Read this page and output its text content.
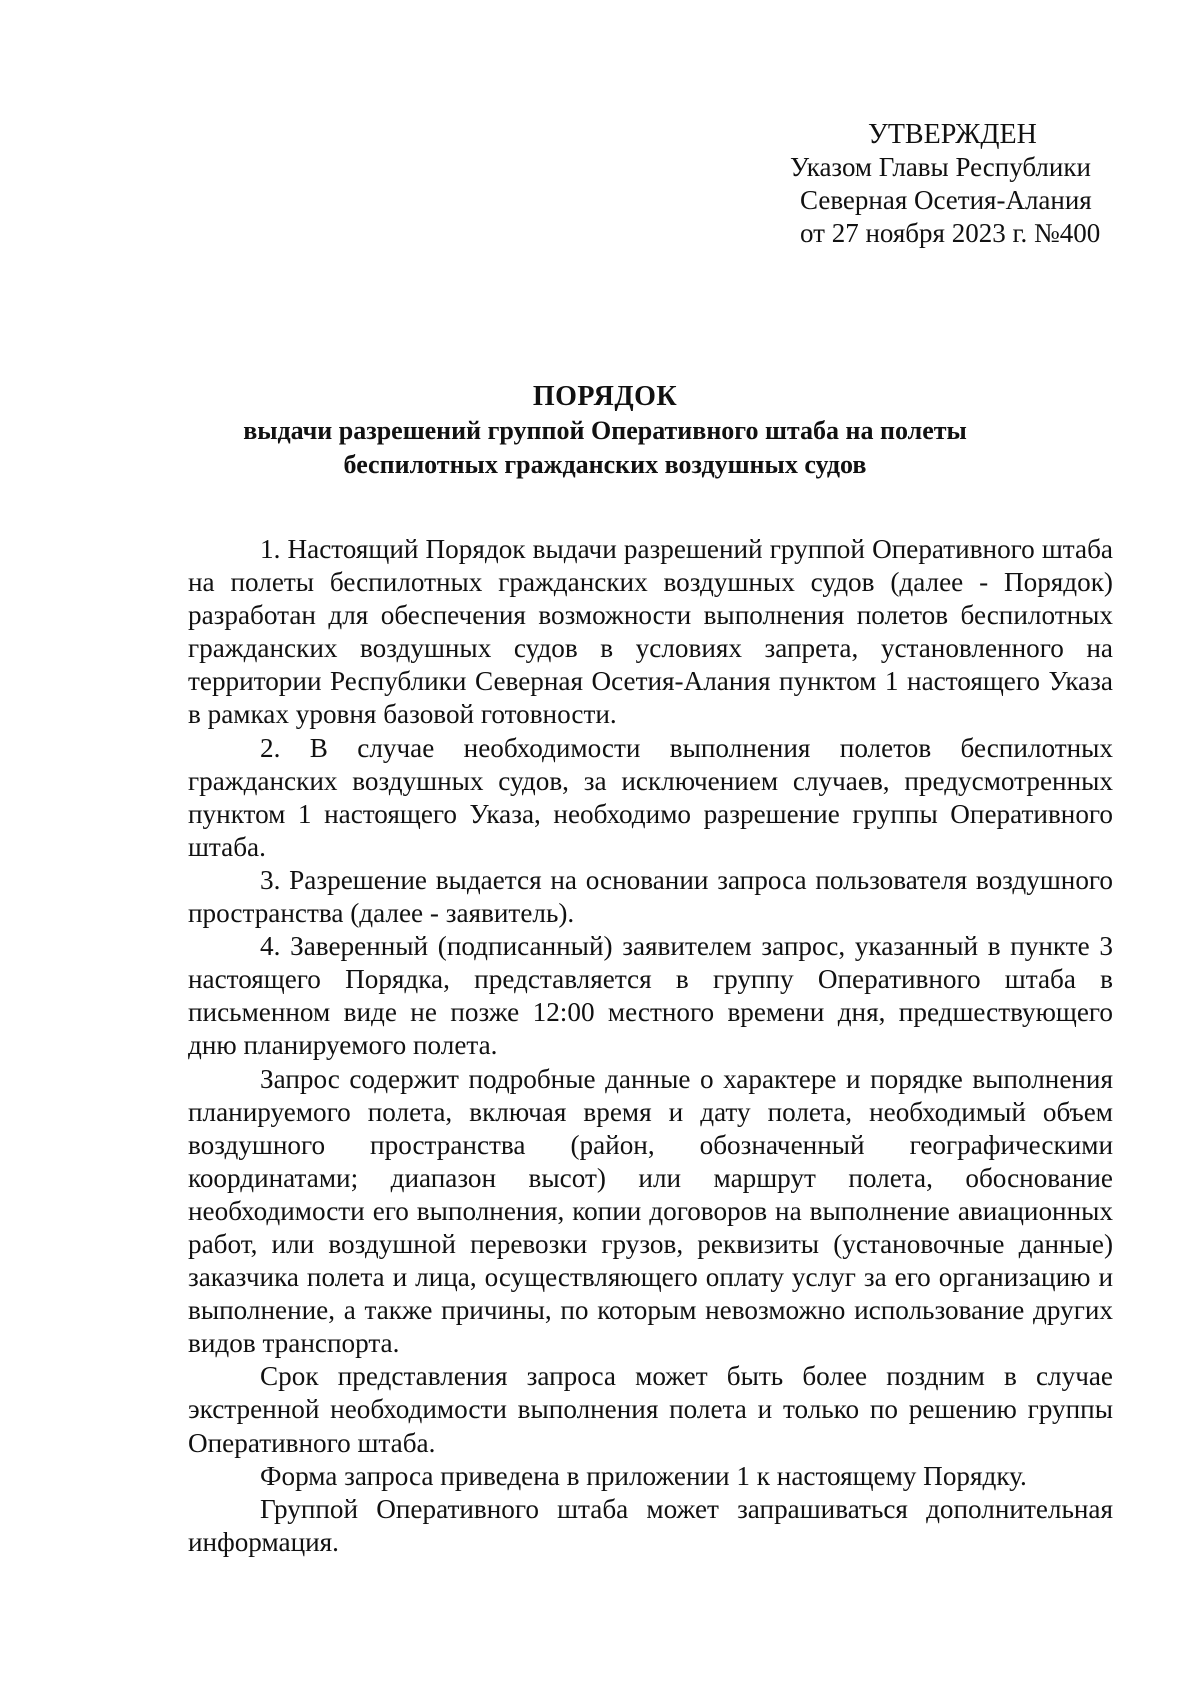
УТВЕРЖДЕН
Указом Главы Республики
Северная Осетия-Алания
от 27 ноября 2023 г. №400
ПОРЯДОК
выдачи разрешений группой Оперативного штаба на полеты
беспилотных гражданских воздушных судов

1. Настоящий Порядок выдачи разрешений группой Оперативного штаба на полеты беспилотных гражданских воздушных судов (далее - Порядок) разработан для обеспечения возможности выполнения полетов беспилотных гражданских воздушных судов в условиях запрета, установленного на территории Республики Северная Осетия-Алания пунктом 1 настоящего Указа в рамках уровня базовой готовности.

2. В случае необходимости выполнения полетов беспилотных гражданских воздушных судов, за исключением случаев, предусмотренных пунктом 1 настоящего Указа, необходимо разрешение группы Оперативного штаба.

3. Разрешение выдается на основании запроса пользователя воздушного пространства (далее - заявитель).

4. Заверенный (подписанный) заявителем запрос, указанный в пункте 3 настоящего Порядка, представляется в группу Оперативного штаба в письменном виде не позже 12:00 местного времени дня, предшествующего дню планируемого полета.

Запрос содержит подробные данные о характере и порядке выполнения планируемого полета, включая время и дату полета, необходимый объем воздушного пространства (район, обозначенный географическими координатами; диапазон высот) или маршрут полета, обоснование необходимости его выполнения, копии договоров на выполнение авиационных работ, или воздушной перевозки грузов, реквизиты (установочные данные) заказчика полета и лица, осуществляющего оплату услуг за его организацию и выполнение, а также причины, по которым невозможно использование других видов транспорта.

Срок представления запроса может быть более поздним в случае экстренной необходимости выполнения полета и только по решению группы Оперативного штаба.

Форма запроса приведена в приложении 1 к настоящему Порядку.

Группой Оперативного штаба может запрашиваться дополнительная информация.
